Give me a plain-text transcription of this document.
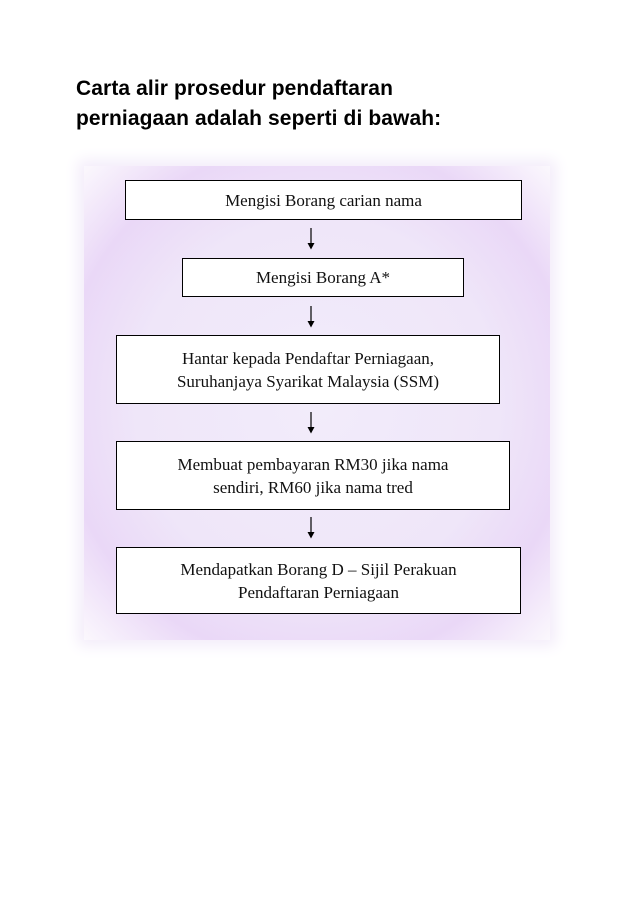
Carta alir prosedur pendaftaran
perniagaan adalah seperti di bawah:
Mengisi Borang carian nama
Mengisi Borang A*
Hantar kepada Pendaftar Perniagaan,
Suruhanjaya Syarikat Malaysia (SSM)
Membuat pembayaran RM30 jika nama
sendiri, RM60 jika nama tred
Mendapatkan Borang D – Sijil Perakuan
Pendaftaran Perniagaan
